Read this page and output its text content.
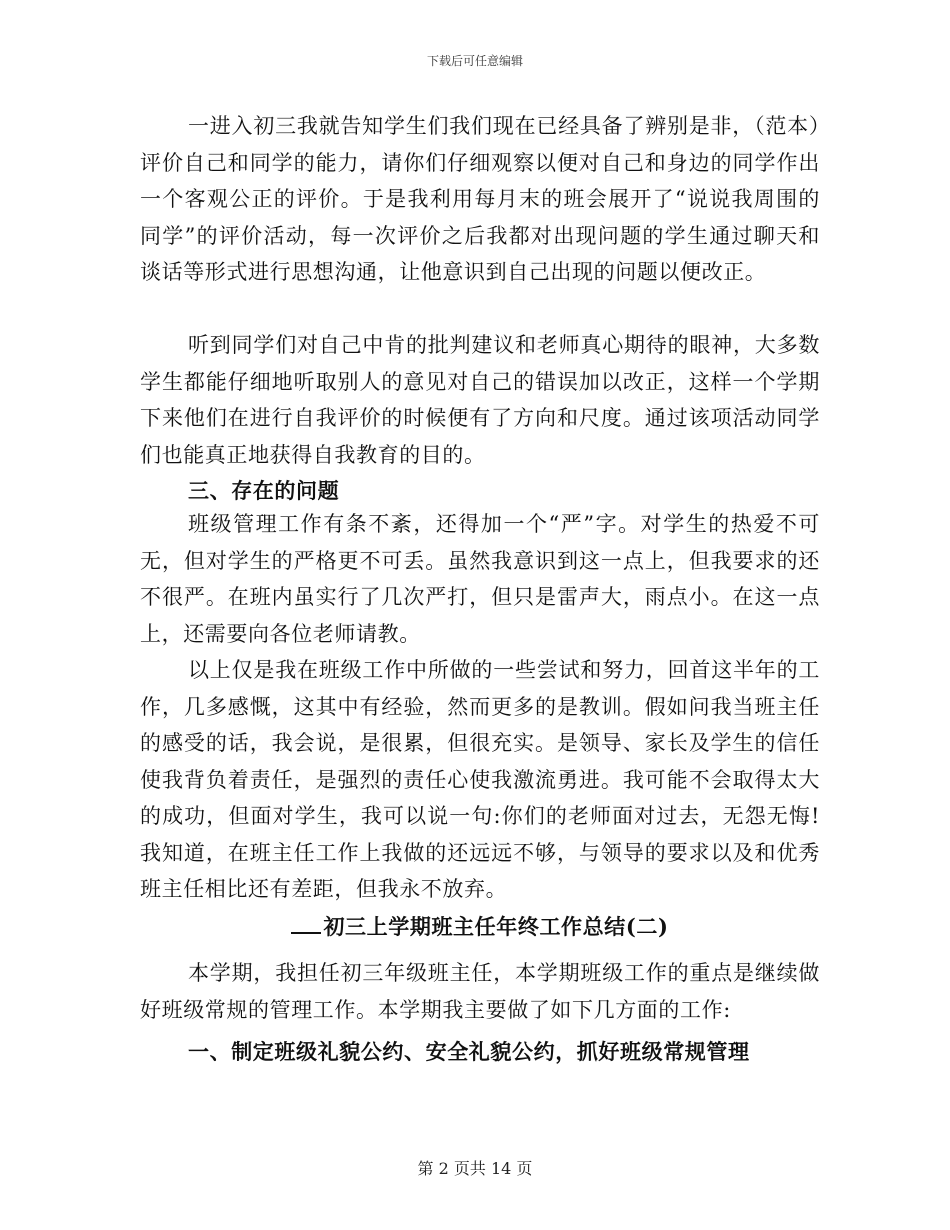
下载后可任意编辑

一进入初三我就告知学生们我们现在已经具备了辨别是非，（范本）评价自己和同学的能力，请你们仔细观察以便对自己和身边的同学作出一个客观公正的评价。于是我利用每月末的班会展开了“说说我周围的同学”的评价活动，每一次评价之后我都对出现问题的学生通过聊天和谈话等形式进行思想沟通，让他意识到自己出现的问题以便改正。

听到同学们对自己中肯的批判建议和老师真心期待的眼神，大多数学生都能仔细地听取别人的意见对自己的错误加以改正，这样一个学期下来他们在进行自我评价的时候便有了方向和尺度。通过该项活动同学们也能真正地获得自我教育的目的。

三、存在的问题

班级管理工作有条不紊，还得加一个“严”字。对学生的热爱不可无，但对学生的严格更不可丢。虽然我意识到这一点上，但我要求的还不很严。在班内虽实行了几次严打，但只是雷声大，雨点小。在这一点上，还需要向各位老师请教。

以上仅是我在班级工作中所做的一些尝试和努力，回首这半年的工作，几多感慨，这其中有经验，然而更多的是教训。假如问我当班主任的感受的话，我会说，是很累，但很充实。是领导、家长及学生的信任使我背负着责任，是强烈的责任心使我激流勇进。我可能不会取得太大的成功，但面对学生，我可以说一句:你们的老师面对过去，无怨无悔!我知道，在班主任工作上我做的还远远不够，与领导的要求以及和优秀班主任相比还有差距，但我永不放弃。

初三上学期班主任年终工作总结(二)

本学期，我担任初三年级班主任，本学期班级工作的重点是继续做好班级常规的管理工作。本学期我主要做了如下几方面的工作:

一、制定班级礼貌公约、安全礼貌公约，抓好班级常规管理

第 2 页共 14 页
